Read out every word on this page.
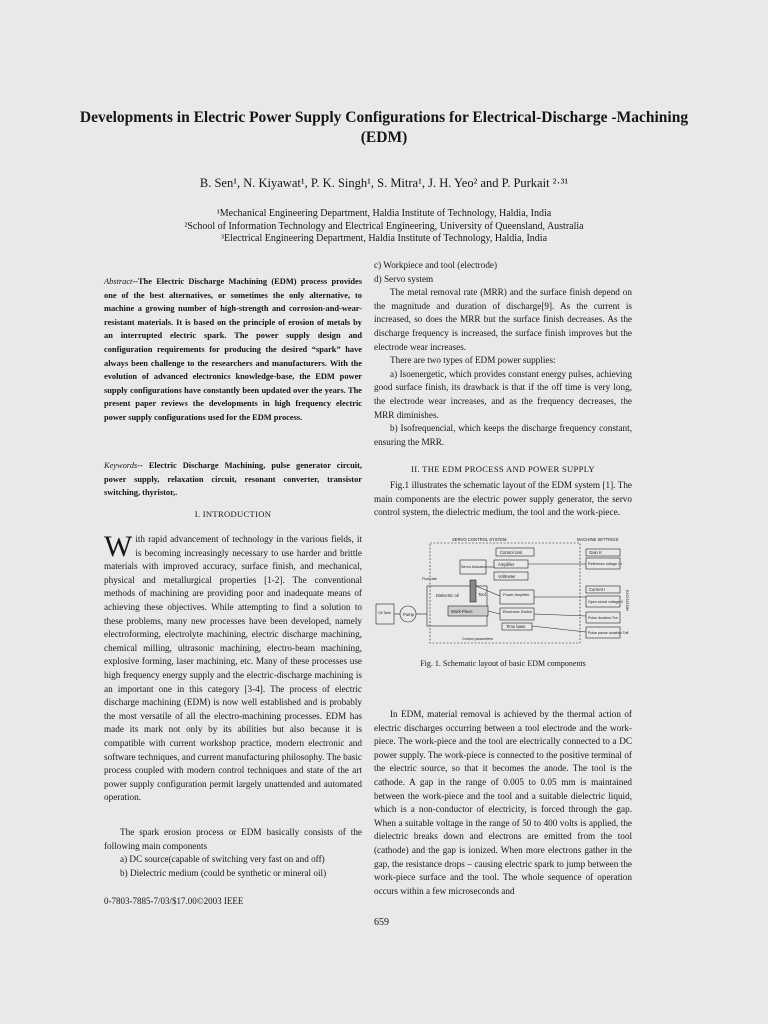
Developments in Electric Power Supply Configurations for Electrical-Discharge -Machining (EDM)
B. Sen¹, N. Kiyawat¹, P. K. Singh¹, S. Mitra¹, J. H. Yeo² and P. Purkait ²·³¹
¹Mechanical Engineering Department, Haldia Institute of Technology, Haldia, India
²School of Information Technology and Electrical Engineering, University of Queensland, Australia
³Electrical Engineering Department, Haldia Institute of Technology, Haldia, India
Abstract--The Electric Discharge Machining (EDM) process provides one of the best alternatives, or sometimes the only alternative, to machine a growing number of high-strength and corrosion-and-wear-resistant materials. It is based on the principle of erosion of metals by an interrupted electric spark. The power supply design and configuration requirements for producing the desired “spark” have always been challenge to the researchers and manufacturers. With the evolution of advanced electronics knowledge-base, the EDM power supply configurations have constantly been updated over the years. The present paper reviews the developments in high frequency electric power supply configurations used for the EDM process.
Keywords-- Electric Discharge Machining, pulse generator circuit, power supply, relaxation circuit, resonant converter, transistor switching, thyristor,.
I. INTRODUCTION
W ith rapid advancement of technology in the various fields, it is becoming increasingly necessary to use harder and brittle materials with improved accuracy, surface finish, and mechanical, physical and metallurgical properties [1-2]. The conventional methods of machining are providing poor and inadequate means of achieving these objectives. While attempting to find a solution to these problems, many new processes have been developed, namely electroforming, electrolyte machining, electric discharge machining, chemical milling, ultrasonic machining, electro-beam machining, explosive forming, laser machining, etc. Many of these processes use high frequency energy supply and the electric-discharge machining is an important one in this category [3-4]. The process of electric discharge machining (EDM) is now well established and is probably the most versatile of all the electro-machining processes. EDM has made its mark not only by its abilities but also because it is compatible with current workshop practice, modern electronic and software techniques, and current manufacturing philosophy. The basic process coupled with modern control techniques and state of the art power supply configuration permit largely unattended and automated operation.

The spark erosion process or EDM basically consists of the following main components

a) DC source(capable of switching very fast on and off)

b) Dielectric medium (could be synthetic or mineral oil)

0-7803-7885-7/03/$17.00©2003 IEEE

c) Workpiece and tool (electrode)

d) Servo system

The metal removal rate (MRR) and the surface finish depend on the magnitude and duration of discharge[9]. As the current is increased, so does the MRR but the surface finish decreases. As the discharge frequency is increased, the surface finish improves but the electrode wear increases.

There are two types of EDM power supplies:

a) Isoenergetic, which provides constant energy pulses, achieving good surface finish, its drawback is that if the off time is very long, the electrode wear increases, and as the frequency decreases, the MRR diminishes.

b) Isofrequencial, which keeps the discharge frequency constant, ensuring the MRR.

II. THE EDM PROCESS AND POWER SUPPLY

Fig.1 illustrates the schematic layout of the EDM system [1]. The main components are the electric power supply generator, the servo control system, the dielectric medium, the tool and the work-piece.

SERVO CONTROL SYSTEM	MACHINE SETTINGS
Control Unit	Gain K
Reference voltage Ur
Servo Actuator	Amplifier
Voltmeter
Flow rate
Dielectric oil	Tool	Power Amplifier
Current I
Open circuit voltage V
Oil Tank	Pump	Electronic Switch
Pulse duration Ton
Work-Piece
Time base
Pulse pause duration Toff
Control parameters
EXCITATION
Fig. 1. Schematic layout of basic EDM components

In EDM, material removal is achieved by the thermal action of electric discharges occurring between a tool electrode and the work-piece. The work-piece and the tool are electrically connected to a DC power supply. The work-piece is connected to the positive terminal of the electric source, so that it becomes the anode. The tool is the cathode. A gap in the range of 0.005 to 0.05 mm is maintained between the work-piece and the tool and a suitable dielectric liquid, which is a non-conductor of electricity, is forced through the gap. When a suitable voltage in the range of 50 to 400 volts is applied, the dielectric breaks down and electrons are emitted from the tool (cathode) and the gap is ionized. When more electrons gather in the gap, the resistance drops – causing electric spark to jump between the work-piece surface and the tool. The whole sequence of operation occurs within a few microseconds and

659
